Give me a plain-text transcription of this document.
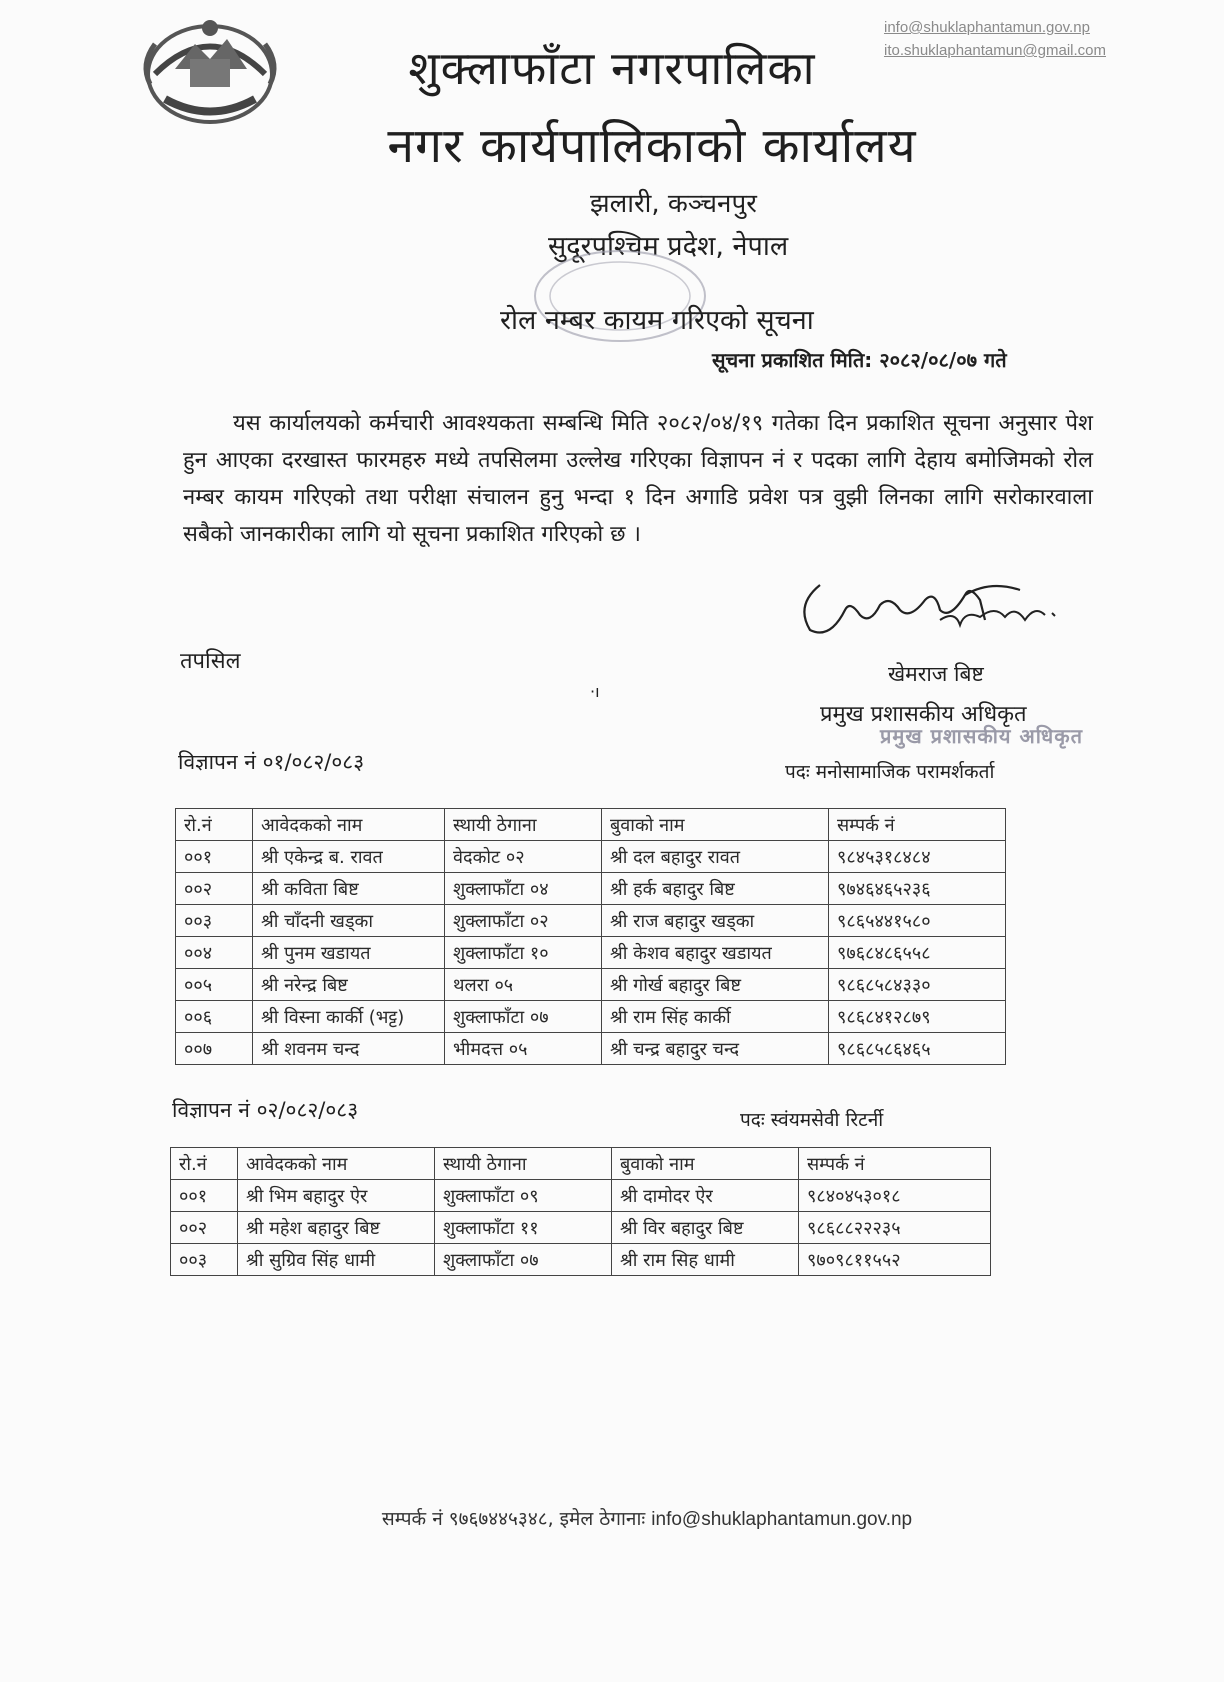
info@shuklaphantamun.gov.np
ito.shuklaphantamun@gmail.com
शुक्लाफाँटा नगरपालिका
नगर कार्यपालिकाको कार्यालय
झलारी, कञ्चनपुर
सुदूरपश्चिम प्रदेश, नेपाल
रोल नम्बर कायम गरिएको सूचना
सूचना प्रकाशित मिति: २०८२/०८/०७ गते
यस कार्यालयको कर्मचारी आवश्यकता सम्बन्धि मिति २०८२/०४/१९ गतेका दिन प्रकाशित सूचना अनुसार पेश हुन आएका दरखास्त फारमहरु मध्ये तपसिलमा उल्लेख गरिएका विज्ञापन नं र पदका लागि देहाय बमोजिमको रोल नम्बर कायम गरिएको तथा परीक्षा संचालन हुनु भन्दा १ दिन अगाडि प्रवेश पत्र वुझी लिनका लागि सरोकारवाला सबैको जानकारीका लागि यो सूचना प्रकाशित गरिएको छ ।
तपसिल
·ı
खेमराज बिष्ट
प्रमुख प्रशासकीय अधिकृत
प्रमुख प्रशासकीय अधिकृत
विज्ञापन नं ०१/०८२/०८३	पदः मनोसामाजिक परामर्शकर्ता
रो.नं	आवेदकको नाम	स्थायी ठेगाना	बुवाको नाम	सम्पर्क नं
००१	श्री एकेन्द्र ब. रावत	वेदकोट ०२	श्री दल बहादुर रावत	९८४५३१८४८४
००२	श्री कविता बिष्ट	शुक्लाफाँटा ०४	श्री हर्क बहादुर बिष्ट	९७४६४६५२३६
००३	श्री चाँदनी खड्का	शुक्लाफाँटा ०२	श्री राज बहादुर खड्का	९८६५४४१५८०
००४	श्री पुनम खडायत	शुक्लाफाँटा १०	श्री केशव बहादुर खडायत	९७६८४८६५५८
००५	श्री नरेन्द्र बिष्ट	थलरा ०५	श्री गोर्ख बहादुर बिष्ट	९८६८५८४३३०
००६	श्री विस्ना कार्की (भट्ट)	शुक्लाफाँटा ०७	श्री राम सिंह कार्की	९८६८४१२८७९
००७	श्री शवनम चन्द	भीमदत्त ०५	श्री चन्द्र बहादुर चन्द	९८६८५८६४६५
विज्ञापन नं ०२/०८२/०८३	पदः स्वंयमसेवी रिटर्नी
रो.नं	आवेदकको नाम	स्थायी ठेगाना	बुवाको नाम	सम्पर्क नं
००१	श्री भिम बहादुर ऐर	शुक्लाफाँटा ०९	श्री दामोदर ऐर	९८४०४५३०१८
००२	श्री महेश बहादुर बिष्ट	शुक्लाफाँटा ११	श्री विर बहादुर बिष्ट	९८६८८२२२३५
००३	श्री सुग्रिव सिंह धामी	शुक्लाफाँटा ०७	श्री राम सिह धामी	९७०९८११५५२
सम्पर्क नं ९७६७४४५३४८, इमेल ठेगानाः info@shuklaphantamun.gov.np
